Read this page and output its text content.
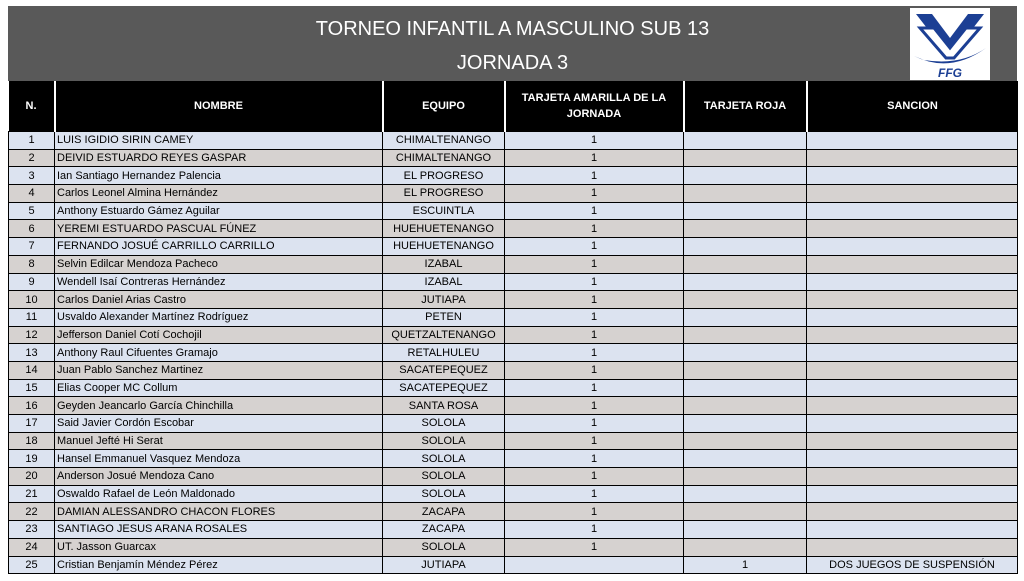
TORNEO INFANTIL A MASCULINO SUB 13
JORNADA 3	FFG
N.	NOMBRE	EQUIPO	TARJETA AMARILLA DE LA JORNADA	TARJETA ROJA	SANCION
1	LUIS IGIDIO SIRIN CAMEY	CHIMALTENANGO	1		
2	DEIVID ESTUARDO REYES GASPAR	CHIMALTENANGO	1		
3	Ian Santiago Hernandez Palencia	EL PROGRESO	1		
4	Carlos Leonel Almina Hernández	EL PROGRESO	1		
5	Anthony Estuardo Gámez Aguilar	ESCUINTLA	1		
6	YEREMI ESTUARDO PASCUAL FÚNEZ	HUEHUETENANGO	1		
7	FERNANDO JOSUÉ CARRILLO CARRILLO	HUEHUETENANGO	1		
8	Selvin Edilcar Mendoza Pacheco	IZABAL	1		
9	Wendell Isaí Contreras Hernández	IZABAL	1		
10	Carlos Daniel Arias Castro	JUTIAPA	1		
11	Usvaldo Alexander Martínez Rodríguez	PETEN	1		
12	Jefferson Daniel Cotí Cochojil	QUETZALTENANGO	1		
13	Anthony Raul Cifuentes Gramajo	RETALHULEU	1		
14	Juan Pablo Sanchez Martinez	SACATEPEQUEZ	1		
15	Elias Cooper MC Collum	SACATEPEQUEZ	1		
16	Geyden Jeancarlo García Chinchilla	SANTA ROSA	1		
17	Said Javier Cordón Escobar	SOLOLA	1		
18	Manuel Jefté Hi Serat	SOLOLA	1		
19	Hansel Emmanuel Vasquez Mendoza	SOLOLA	1		
20	Anderson Josué Mendoza Cano	SOLOLA	1		
21	Oswaldo Rafael de León Maldonado	SOLOLA	1		
22	DAMIAN ALESSANDRO CHACON FLORES	ZACAPA	1		
23	SANTIAGO JESUS ARANA ROSALES	ZACAPA	1		
24	UT. Jasson Guarcax	SOLOLA	1		
25	Cristian Benjamín Méndez Pérez	JUTIAPA		1	DOS JUEGOS DE SUSPENSIÓN
